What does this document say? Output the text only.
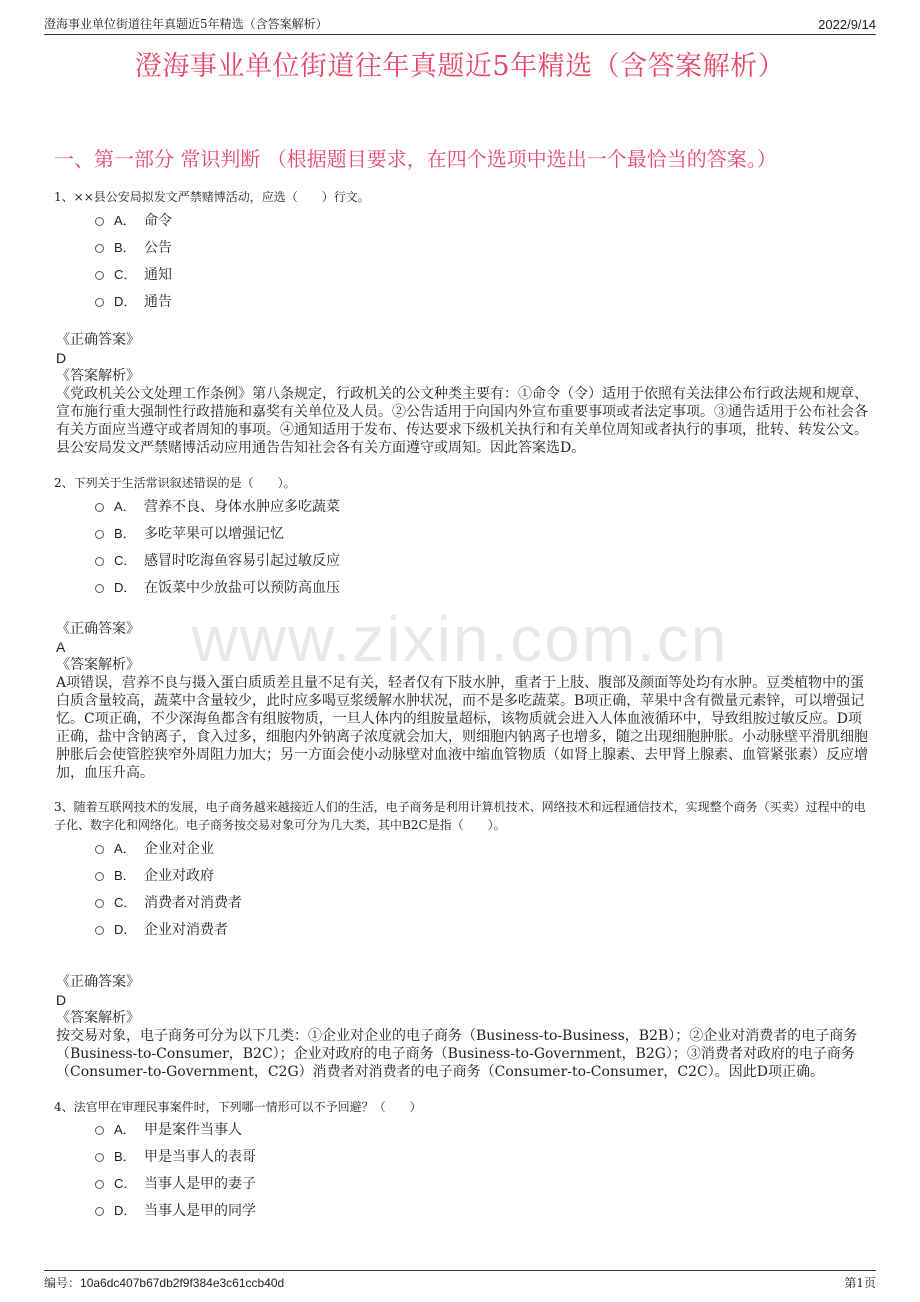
澄海事业单位街道往年真题近5年精选（含答案解析）	2022/9/14
澄海事业单位街道往年真题近5年精选（含答案解析）
一、第一部分 常识判断 （根据题目要求，在四个选项中选出一个最恰当的答案。）
www.zixin.com.cn
1、××县公安局拟发文严禁赌博活动，应选（　　）行文。
A． 命令
B． 公告
C． 通知
D． 通告
《正确答案》
D
《答案解析》
《党政机关公文处理工作条例》第八条规定，行政机关的公文种类主要有：①命令（令）适用于依照有关法律公布行政法规和规章、宣布施行重大强制性行政措施和嘉奖有关单位及人员。②公告适用于向国内外宣布重要事项或者法定事项。③通告适用于公布社会各有关方面应当遵守或者周知的事项。④通知适用于发布、传达要求下级机关执行和有关单位周知或者执行的事项，批转、转发公文。县公安局发文严禁赌博活动应用通告告知社会各有关方面遵守或周知。因此答案选D。
2、下列关于生活常识叙述错误的是（　　）。
A． 营养不良、身体水肿应多吃蔬菜
B． 多吃苹果可以增强记忆
C． 感冒时吃海鱼容易引起过敏反应
D． 在饭菜中少放盐可以预防高血压
《正确答案》
A
《答案解析》
A项错误，营养不良与摄入蛋白质质差且量不足有关，轻者仅有下肢水肿，重者于上肢、腹部及颜面等处均有水肿。豆类植物中的蛋白质含量较高，蔬菜中含量较少，此时应多喝豆浆缓解水肿状况，而不是多吃蔬菜。B项正确，苹果中含有微量元素锌，可以增强记忆。C项正确，不少深海鱼都含有组胺物质，一旦人体内的组胺量超标，该物质就会进入人体血液循环中，导致组胺过敏反应。D项正确，盐中含钠离子，食入过多，细胞内外钠离子浓度就会加大，则细胞内钠离子也增多，随之出现细胞肿胀。小动脉壁平滑肌细胞肿胀后会使管腔狭窄外周阻力加大；另一方面会使小动脉壁对血液中缩血管物质（如肾上腺素、去甲肾上腺素、血管紧张素）反应增加，血压升高。
3、随着互联网技术的发展，电子商务越来越接近人们的生活，电子商务是利用计算机技术、网络技术和远程通信技术，实现整个商务（买卖）过程中的电子化、数字化和网络化。电子商务按交易对象可分为几大类，其中B2C是指（　　）。
A． 企业对企业
B． 企业对政府
C． 消费者对消费者
D． 企业对消费者
《正确答案》
D
《答案解析》
按交易对象，电子商务可分为以下几类：①企业对企业的电子商务（Business-to-Business，B2B）；②企业对消费者的电子商务（Business-to-Consumer，B2C）；企业对政府的电子商务（Business-to-Government，B2G）；③消费者对政府的电子商务（Consumer-to-Government，C2G）消费者对消费者的电子商务（Consumer-to-Consumer，C2C）。因此D项正确。
4、法官甲在审理民事案件时，下列哪一情形可以不予回避？（　　）
A． 甲是案件当事人
B． 甲是当事人的表哥
C． 当事人是甲的妻子
D． 当事人是甲的同学
编号：10a6dc407b67db2f9f384e3c61ccb40d	第1页
